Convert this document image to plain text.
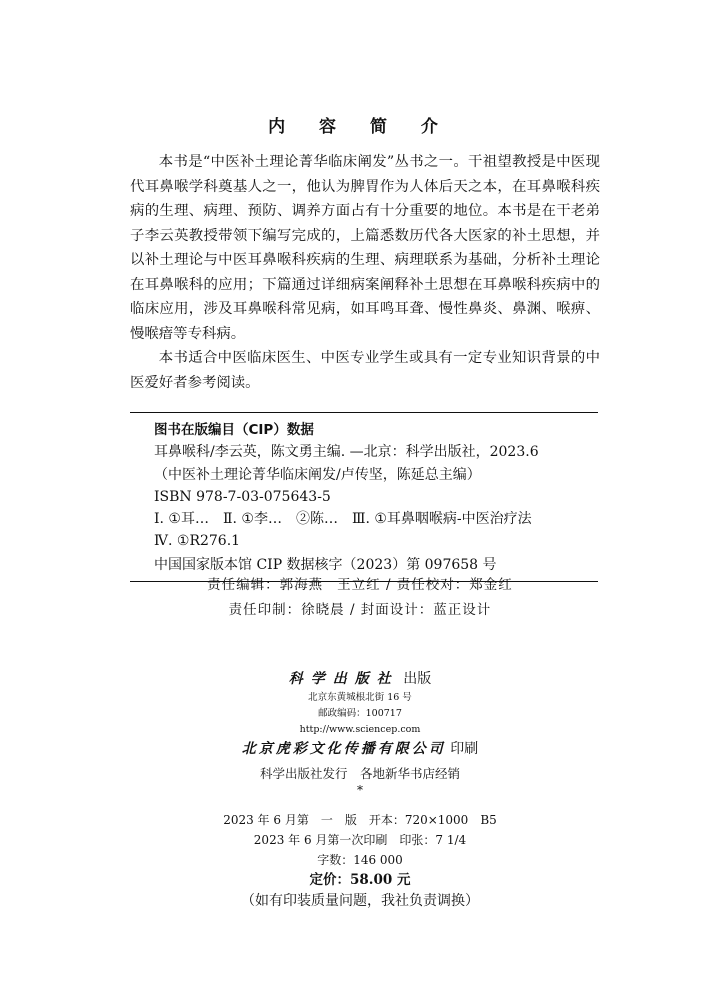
内 容 简 介

本书是“中医补土理论菁华临床阐发”丛书之一。干祖望教授是中医现代耳鼻喉学科奠基人之一，他认为脾胃作为人体后天之本，在耳鼻喉科疾病的生理、病理、预防、调养方面占有十分重要的地位。本书是在干老弟子李云英教授带领下编写完成的，上篇悉数历代各大医家的补土思想，并以补土理论与中医耳鼻喉科疾病的生理、病理联系为基础，分析补土理论在耳鼻喉科的应用；下篇通过详细病案阐释补土思想在耳鼻喉科疾病中的临床应用，涉及耳鼻喉科常见病，如耳鸣耳聋、慢性鼻炎、鼻渊、喉痹、慢喉瘖等专科病。

本书适合中医临床医生、中医专业学生或具有一定专业知识背景的中医爱好者参考阅读。

图书在版编目（CIP）数据
耳鼻喉科/李云英，陈文勇主编. —北京：科学出版社，2023.6
（中医补土理论菁华临床阐发/卢传坚，陈延总主编）
ISBN 978-7-03-075643-5
Ⅰ. ①耳…　Ⅱ. ①李…　②陈…　Ⅲ. ①耳鼻咽喉病-中医治疗法
Ⅳ. ①R276.1
中国国家版本馆 CIP 数据核字（2023）第 097658 号
责任编辑：郭海燕 王立红 / 责任校对：郑金红
责任印制：徐晓晨 / 封面设计：蓝正设计
科学出版社 出版
北京东黄城根北街 16 号
邮政编码：100717
http://www.sciencep.com
北京虎彩文化传播有限公司 印刷
科学出版社发行　各地新华书店经销
*
2023 年 6 月第　一　版　开本：720×1000　B5
2023 年 6 月第一次印刷　印张：7 1/4
字数：146 000
定价：58.00 元
（如有印装质量问题，我社负责调换）
